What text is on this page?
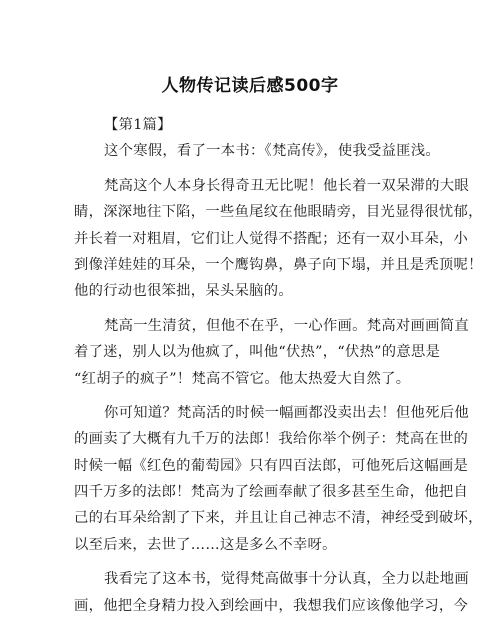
人物传记读后感500字
【第1篇】
这个寒假，看了一本书：《梵高传》，使我受益匪浅。
梵高这个人本身长得奇丑无比呢！他长着一双呆滞的大眼
睛，深深地往下陷，一些鱼尾纹在他眼睛旁，目光显得很忧郁，
并长着一对粗眉，它们让人觉得不搭配；还有一双小耳朵，小
到像洋娃娃的耳朵，一个鹰钩鼻，鼻子向下塌，并且是秃顶呢！
他的行动也很笨拙，呆头呆脑的。
梵高一生清贫，但他不在乎，一心作画。梵高对画画简直
着了迷，别人以为他疯了，叫他“伏热”，“伏热”的意思是
“红胡子的疯子”！梵高不管它。他太热爱大自然了。
你可知道？梵高活的时候一幅画都没卖出去！但他死后他
的画卖了大概有九千万的法郎！我给你举个例子：梵高在世的
时候一幅《红色的葡萄园》只有四百法郎，可他死后这幅画是
四千万多的法郎！梵高为了绘画奉献了很多甚至生命，他把自
己的右耳朵给割了下来，并且让自己神志不清，神经受到破坏，
以至后来，去世了……这是多么不幸呀。
我看完了这本书，觉得梵高做事十分认真，全力以赴地画
画，他把全身精力投入到绘画中，我想我们应该像他学习，今
